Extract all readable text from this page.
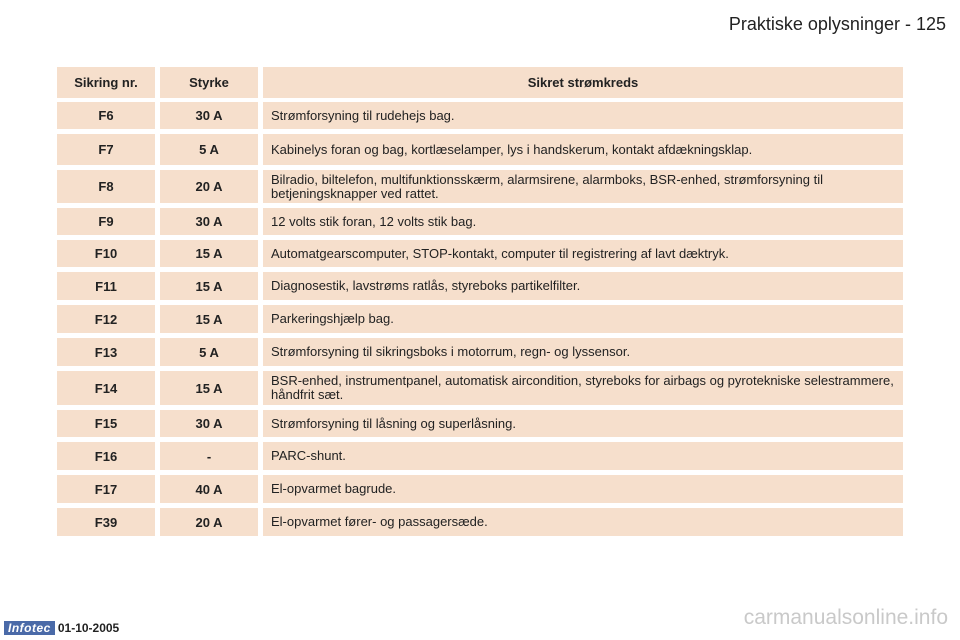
Praktiske oplysninger - 125
Sikring nr.	Styrke	Sikret strømkreds
F6	30 A	Strømforsyning til rudehejs bag.
F7	5 A	Kabinelys foran og bag, kortlæselamper, lys i handskerum, kontakt afdækningsklap.
F8	20 A	Bilradio, biltelefon, multifunktionsskærm, alarmsirene, alarmboks, BSR-enhed, strømforsyning til betjeningsknapper ved rattet.
F9	30 A	12 volts stik foran, 12 volts stik bag.
F10	15 A	Automatgearscomputer, STOP-kontakt, computer til registrering af lavt dæktryk.
F11	15 A	Diagnosestik, lavstrøms ratlås, styreboks partikelfilter.
F12	15 A	Parkeringshjælp bag.
F13	5 A	Strømforsyning til sikringsboks i motorrum, regn- og lyssensor.
F14	15 A	BSR-enhed, instrumentpanel, automatisk aircondition, styreboks for airbags og pyrotekniske selestrammere, håndfrit sæt.
F15	30 A	Strømforsyning til låsning og superlåsning.
F16	-	PARC-shunt.
F17	40 A	El-opvarmet bagrude.
F39	20 A	El-opvarmet fører- og passagersæde.
Infotec 01-10-2005	carmanualsonline.info
